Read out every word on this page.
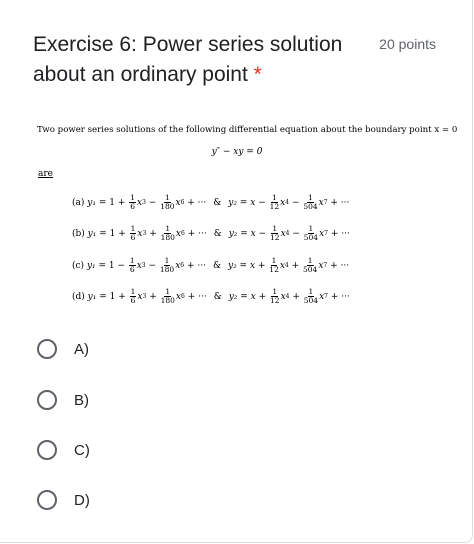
Exercise 6: Power series solution about an ordinary point *
20 points
Two power series solutions of the following differential equation about the boundary point x = 0
y″ − xy = 0
are
(a)
$y_1 = 1 + \frac{1}{6}$ x $3 - \frac{1}{180}$ x 6 + ··· & $y_2 = x - \frac{1}{12}$ x $4 - \frac{1}{504}$ x 7 + ···
(b)
$y_1 = 1 + \frac{1}{6}$ x $3 + \frac{1}{180}$ x 6 + ··· & $y_2 = x - \frac{1}{12}$ x $4 - \frac{1}{504}$ x 7 + ···
(c)
$y_1 = 1 - \frac{1}{6}$ x $3 - \frac{1}{180}$ x 6 + ··· & $y_2 = x + \frac{1}{12}$ x $4 + \frac{1}{504}$ x 7 + ···
(d)
$y_1 = 1 + \frac{1}{6}$ x $3 + \frac{1}{180}$ x 6 + ··· & $y_2 = x + \frac{1}{12}$ x $4 + \frac{1}{504}$ x 7 + ···
A)
B)
C)
D)
